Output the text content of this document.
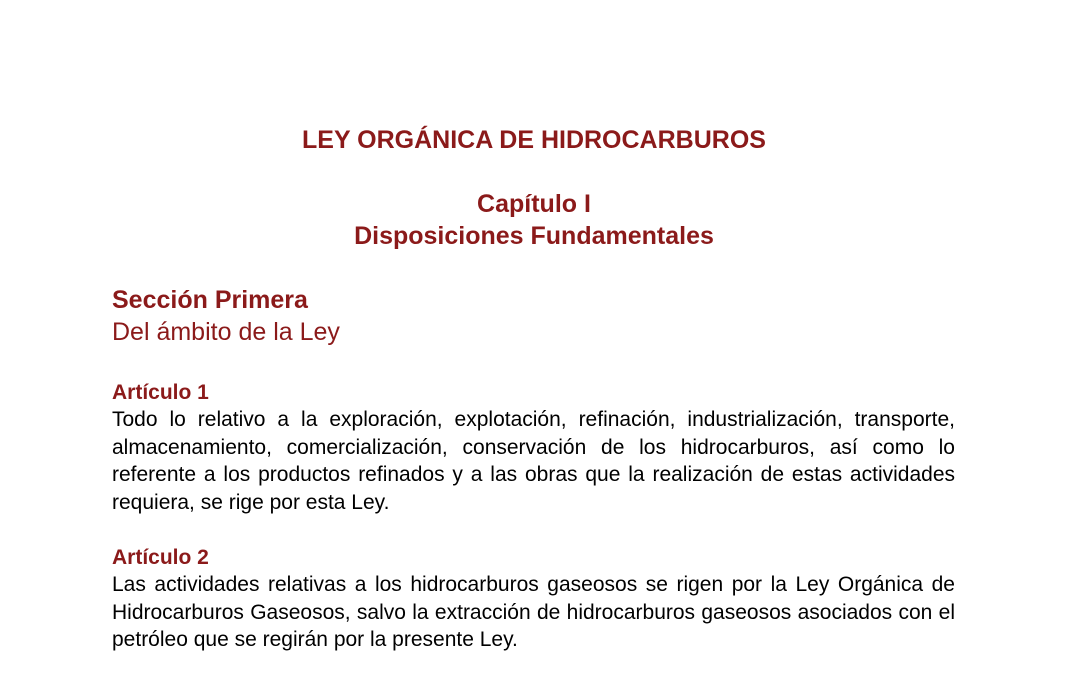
LEY ORGÁNICA DE HIDROCARBUROS
Capítulo I
Disposiciones Fundamentales
Sección Primera

Del ámbito de la Ley

Artículo 1

Todo lo relativo a la exploración, explotación, refinación, industrialización, transporte, almacenamiento, comercialización, conservación de los hidrocarburos, así como lo referente a los productos refinados y a las obras que la realización de estas actividades requiera, se rige por esta Ley.

Artículo 2

Las actividades relativas a los hidrocarburos gaseosos se rigen por la Ley Orgánica de Hidrocarburos Gaseosos, salvo la extracción de hidrocarburos gaseosos asociados con el petróleo que se regirán por la presente Ley.
